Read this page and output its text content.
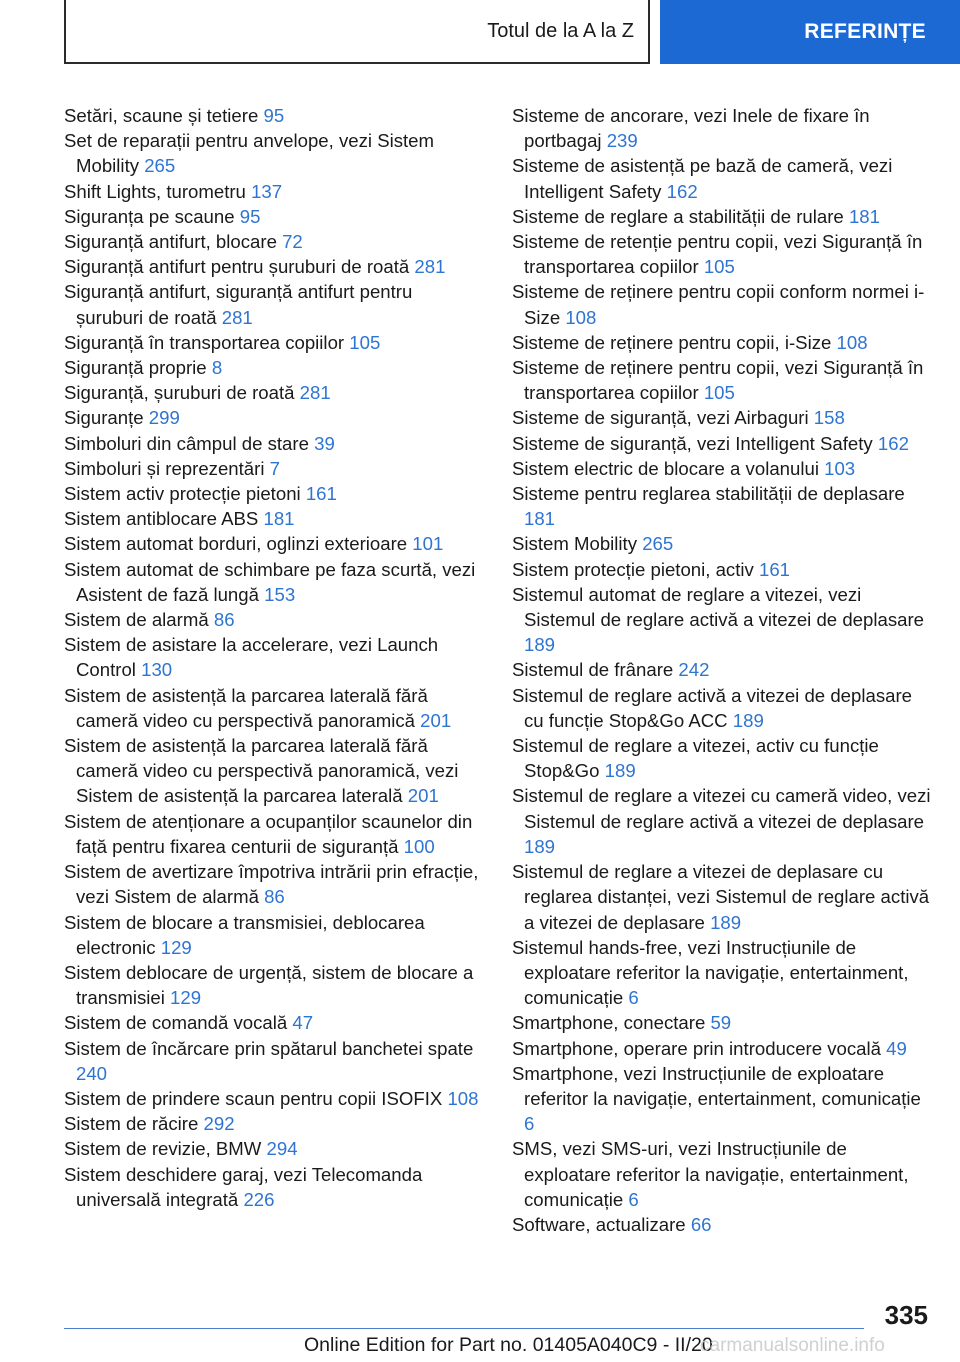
Totul de la A la Z	REFERINȚE
Setări, scaune și tetiere 95
Set de reparații pentru anvelope, vezi Sistem Mobility 265
Shift Lights, turometru 137
Siguranța pe scaune 95
Siguranță antifurt, blocare 72
Siguranță antifurt pentru șuruburi de roată 281
Siguranță antifurt, siguranță antifurt pentru șuruburi de roată 281
Siguranță în transportarea copiilor 105
Siguranță proprie 8
Siguranță, șuruburi de roată 281
Siguranțe 299
Simboluri din câmpul de stare 39
Simboluri și reprezentări 7
Sistem activ protecție pietoni 161
Sistem antiblocare ABS 181
Sistem automat borduri, oglinzi exterioare 101
Sistem automat de schimbare pe faza scurtă, vezi Asistent de fază lungă 153
Sistem de alarmă 86
Sistem de asistare la accelerare, vezi Launch Control 130
Sistem de asistență la parcarea laterală fără cameră video cu perspectivă panoramică 201
Sistem de asistență la parcarea laterală fără cameră video cu perspectivă panoramică, vezi Sistem de asistență la parcarea laterală 201
Sistem de atenționare a ocupanților scaunelor din față pentru fixarea centurii de siguranță 100
Sistem de avertizare împotriva intrării prin efracție, vezi Sistem de alarmă 86
Sistem de blocare a transmisiei, deblocarea electronic 129
Sistem deblocare de urgență, sistem de blocare a transmisiei 129
Sistem de comandă vocală 47
Sistem de încărcare prin spătarul banchetei spate 240
Sistem de prindere scaun pentru copii ISOFIX 108
Sistem de răcire 292
Sistem de revizie, BMW 294
Sistem deschidere garaj, vezi Telecomanda universală integrată 226
Sisteme de ancorare, vezi Inele de fixare în portbagaj 239
Sisteme de asistență pe bază de cameră, vezi Intelligent Safety 162
Sisteme de reglare a stabilității de rulare 181
Sisteme de retenție pentru copii, vezi Siguranță în transportarea copiilor 105
Sisteme de reținere pentru copii conform normei i-Size 108
Sisteme de reținere pentru copii, i-Size 108
Sisteme de reținere pentru copii, vezi Siguranță în transportarea copiilor 105
Sisteme de siguranță, vezi Airbaguri 158
Sisteme de siguranță, vezi Intelligent Safety 162
Sistem electric de blocare a volanului 103
Sisteme pentru reglarea stabilității de deplasare 181
Sistem Mobility 265
Sistem protecție pietoni, activ 161
Sistemul automat de reglare a vitezei, vezi Sistemul de reglare activă a vitezei de deplasare 189
Sistemul de frânare 242
Sistemul de reglare activă a vitezei de deplasare cu funcție Stop&Go ACC 189
Sistemul de reglare a vitezei, activ cu funcție Stop&Go 189
Sistemul de reglare a vitezei cu cameră video, vezi Sistemul de reglare activă a vitezei de deplasare 189
Sistemul de reglare a vitezei de deplasare cu reglarea distanței, vezi Sistemul de reglare activă a vitezei de deplasare 189
Sistemul hands-free, vezi Instrucțiunile de exploatare referitor la navigație, entertainment, comunicație 6
Smartphone, conectare 59
Smartphone, operare prin introducere vocală 49
Smartphone, vezi Instrucțiunile de exploatare referitor la navigație, entertainment, comunicație 6
SMS, vezi SMS-uri, vezi Instrucțiunile de exploatare referitor la navigație, entertainment, comunicație 6
Software, actualizare 66
335
Online Edition for Part no. 01405A040C9 - II/20
carmanualsonline.info
